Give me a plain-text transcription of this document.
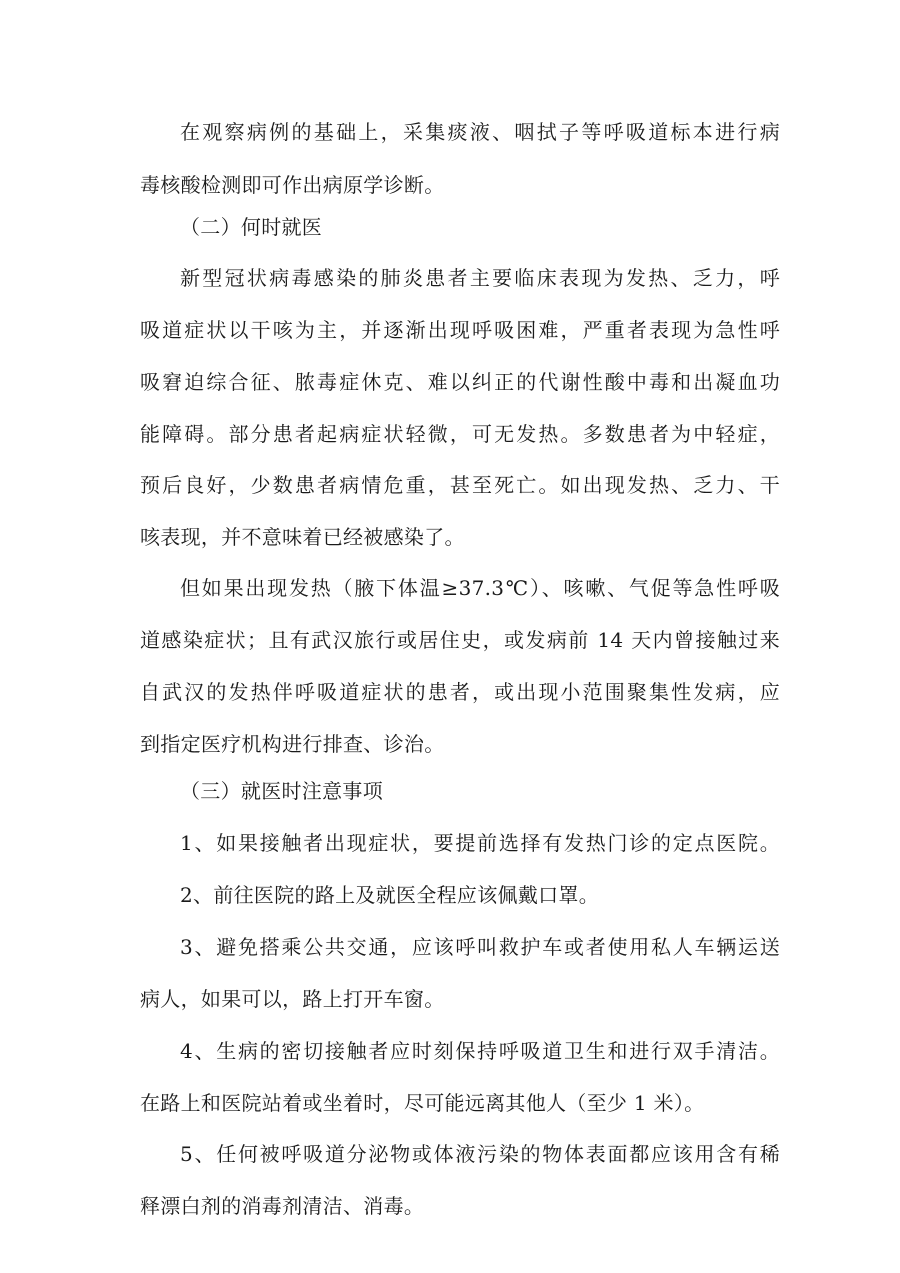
在观察病例的基础上，采集痰液、咽拭子等呼吸道标本进行病
毒核酸检测即可作出病原学诊断。
（二）何时就医
新型冠状病毒感染的肺炎患者主要临床表现为发热、乏力，呼
吸道症状以干咳为主，并逐渐出现呼吸困难，严重者表现为急性呼
吸窘迫综合征、脓毒症休克、难以纠正的代谢性酸中毒和出凝血功
能障碍。部分患者起病症状轻微，可无发热。多数患者为中轻症，
预后良好，少数患者病情危重，甚至死亡。如出现发热、乏力、干
咳表现，并不意味着已经被感染了。
但如果出现发热（腋下体温≥37.3℃）、咳嗽、气促等急性呼吸
道感染症状；且有武汉旅行或居住史，或发病前 14 天内曾接触过来
自武汉的发热伴呼吸道症状的患者，或出现小范围聚集性发病，应
到指定医疗机构进行排查、诊治。
（三）就医时注意事项
1、如果接触者出现症状，要提前选择有发热门诊的定点医院。
2、前往医院的路上及就医全程应该佩戴口罩。
3、避免搭乘公共交通，应该呼叫救护车或者使用私人车辆运送
病人，如果可以，路上打开车窗。
4、生病的密切接触者应时刻保持呼吸道卫生和进行双手清洁。
在路上和医院站着或坐着时，尽可能远离其他人（至少 1 米）。
5、任何被呼吸道分泌物或体液污染的物体表面都应该用含有稀
释漂白剂的消毒剂清洁、消毒。
